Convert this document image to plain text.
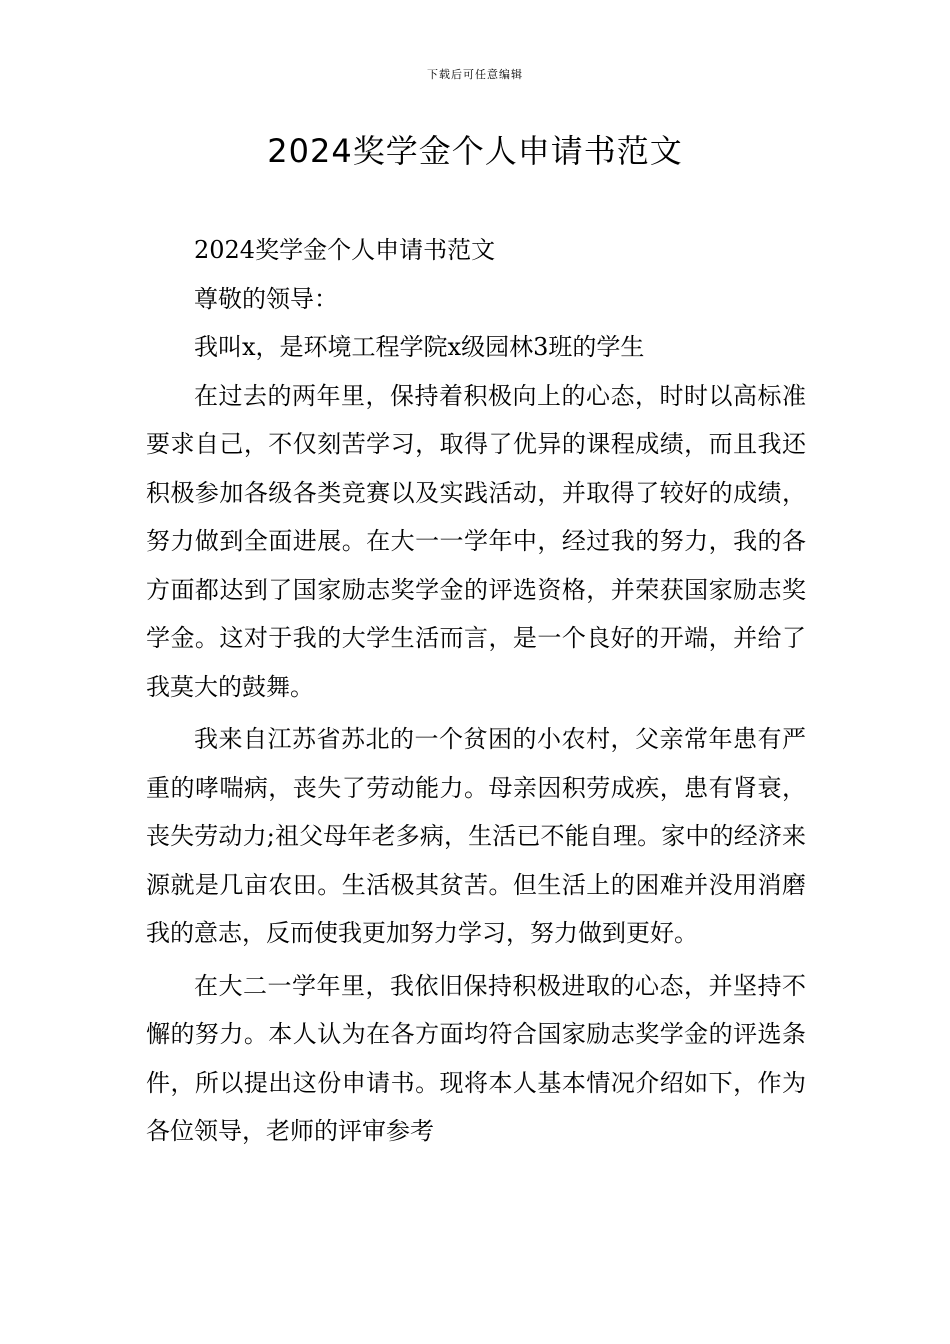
下载后可任意编辑
2024奖学金个人申请书范文

2024奖学金个人申请书范文

尊敬的领导：

我叫x，是环境工程学院x级园林3班的学生

在过去的两年里，保持着积极向上的心态，时时以高标准要求自己，不仅刻苦学习，取得了优异的课程成绩，而且我还积极参加各级各类竞赛以及实践活动，并取得了较好的成绩，努力做到全面进展。在大一一学年中，经过我的努力，我的各方面都达到了国家励志奖学金的评选资格，并荣获国家励志奖学金。这对于我的大学生活而言，是一个良好的开端，并给了我莫大的鼓舞。

我来自江苏省苏北的一个贫困的小农村，父亲常年患有严重的哮喘病，丧失了劳动能力。母亲因积劳成疾，患有肾衰，丧失劳动力;祖父母年老多病，生活已不能自理。家中的经济来源就是几亩农田。生活极其贫苦。但生活上的困难并没用消磨我的意志，反而使我更加努力学习，努力做到更好。

在大二一学年里，我依旧保持积极进取的心态，并坚持不懈的努力。本人认为在各方面均符合国家励志奖学金的评选条件，所以提出这份申请书。现将本人基本情况介绍如下，作为各位领导，老师的评审参考
